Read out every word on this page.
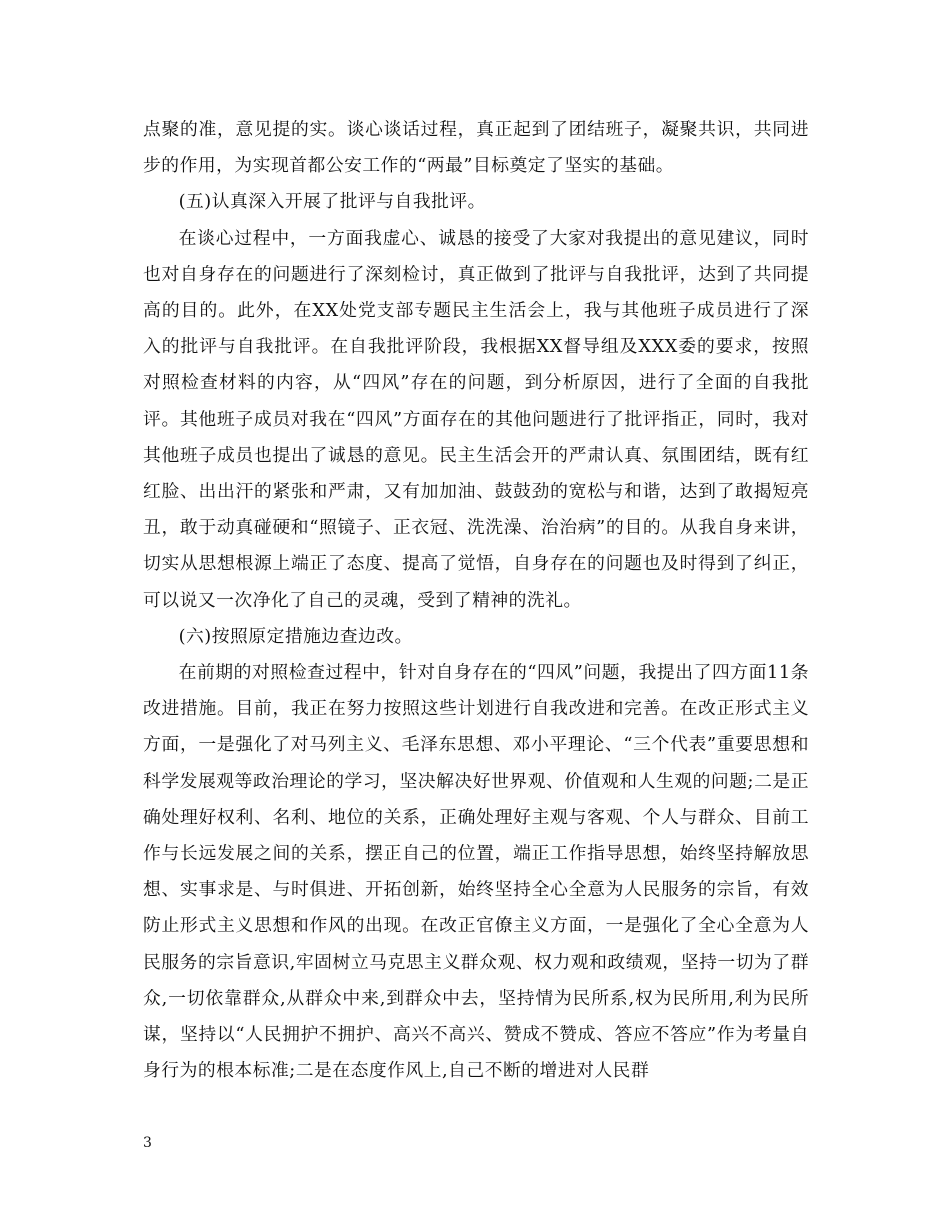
点聚的准，意见提的实。谈心谈话过程，真正起到了团结班子，凝聚共识，共同进步的作用，为实现首都公安工作的“两最”目标奠定了坚实的基础。

(五)认真深入开展了批评与自我批评。

在谈心过程中，一方面我虚心、诚恳的接受了大家对我提出的意见建议，同时也对自身存在的问题进行了深刻检讨，真正做到了批评与自我批评，达到了共同提高的目的。此外，在XX处党支部专题民主生活会上，我与其他班子成员进行了深入的批评与自我批评。在自我批评阶段，我根据XX督导组及XXX委的要求，按照对照检查材料的内容，从“四风”存在的问题，到分析原因，进行了全面的自我批评。其他班子成员对我在“四风”方面存在的其他问题进行了批评指正，同时，我对其他班子成员也提出了诚恳的意见。民主生活会开的严肃认真、氛围团结，既有红红脸、出出汗的紧张和严肃，又有加加油、鼓鼓劲的宽松与和谐，达到了敢揭短亮丑，敢于动真碰硬和“照镜子、正衣冠、洗洗澡、治治病”的目的。从我自身来讲，切实从思想根源上端正了态度、提高了觉悟，自身存在的问题也及时得到了纠正，可以说又一次净化了自己的灵魂，受到了精神的洗礼。

(六)按照原定措施边查边改。

在前期的对照检查过程中，针对自身存在的“四风”问题，我提出了四方面11条改进措施。目前，我正在努力按照这些计划进行自我改进和完善。在改正形式主义方面，一是强化了对马列主义、毛泽东思想、邓小平理论、“三个代表”重要思想和科学发展观等政治理论的学习，坚决解决好世界观、价值观和人生观的问题;二是正确处理好权利、名利、地位的关系，正确处理好主观与客观、个人与群众、目前工作与长远发展之间的关系，摆正自己的位置，端正工作指导思想，始终坚持解放思想、实事求是、与时俱进、开拓创新，始终坚持全心全意为人民服务的宗旨，有效防止形式主义思想和作风的出现。在改正官僚主义方面，一是强化了全心全意为人民服务的宗旨意识,牢固树立马克思主义群众观、权力观和政绩观，坚持一切为了群众,一切依靠群众,从群众中来,到群众中去，坚持情为民所系,权为民所用,利为民所谋，坚持以“人民拥护不拥护、高兴不高兴、赞成不赞成、答应不答应”作为考量自身行为的根本标准;二是在态度作风上,自己不断的增进对人民群

3
